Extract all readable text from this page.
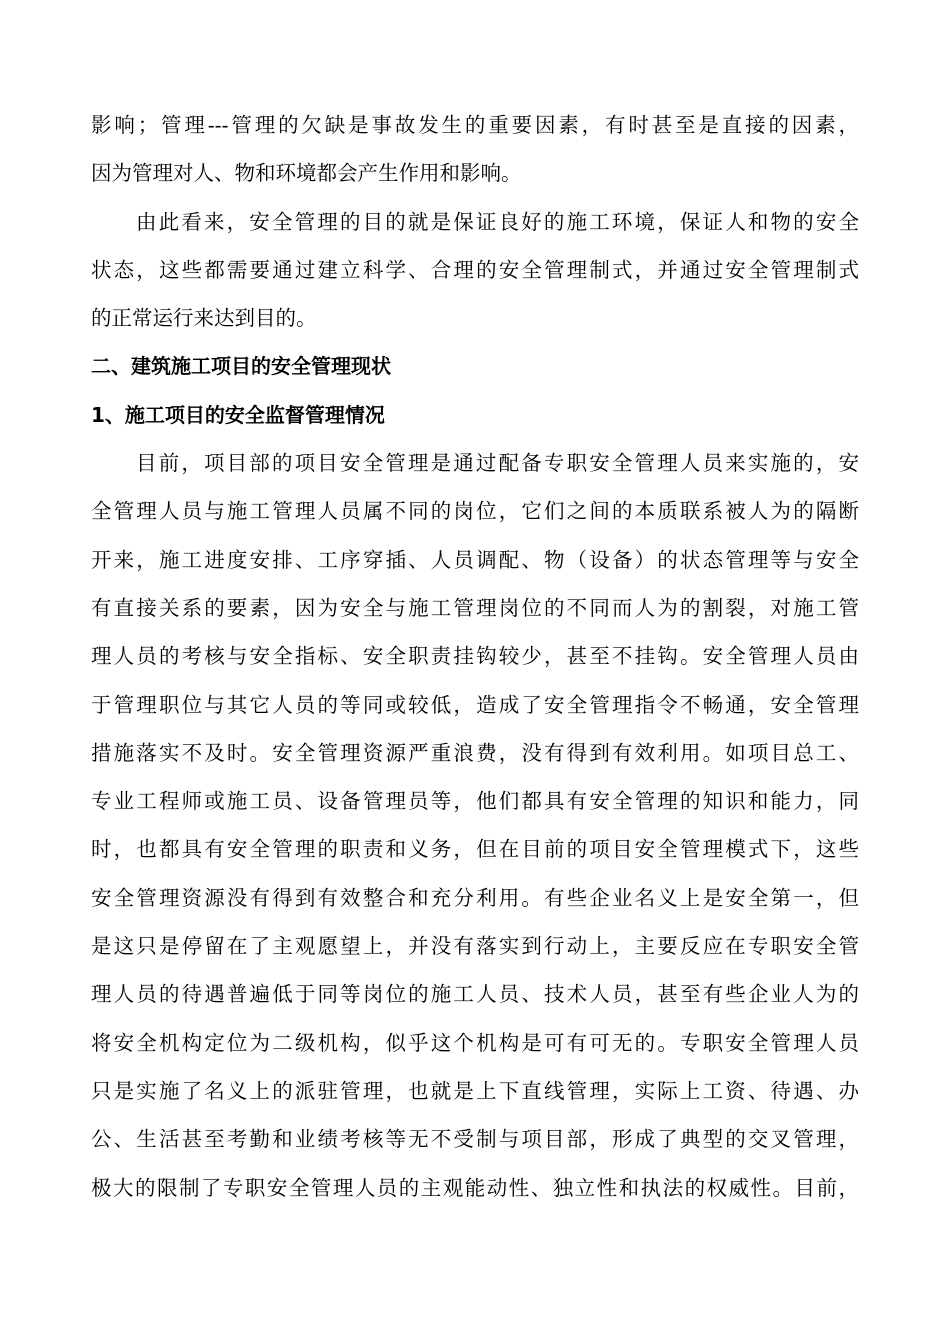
影响；管理---管理的欠缺是事故发生的重要因素，有时甚至是直接的因素，
因为管理对人、物和环境都会产生作用和影响。
由此看来，安全管理的目的就是保证良好的施工环境，保证人和物的安全
状态，这些都需要通过建立科学、合理的安全管理制式，并通过安全管理制式
的正常运行来达到目的。
二、建筑施工项目的安全管理现状
1、施工项目的安全监督管理情况
目前，项目部的项目安全管理是通过配备专职安全管理人员来实施的，安
全管理人员与施工管理人员属不同的岗位，它们之间的本质联系被人为的隔断
开来，施工进度安排、工序穿插、人员调配、物（设备）的状态管理等与安全
有直接关系的要素，因为安全与施工管理岗位的不同而人为的割裂，对施工管
理人员的考核与安全指标、安全职责挂钩较少，甚至不挂钩。安全管理人员由
于管理职位与其它人员的等同或较低，造成了安全管理指令不畅通，安全管理
措施落实不及时。安全管理资源严重浪费，没有得到有效利用。如项目总工、
专业工程师或施工员、设备管理员等，他们都具有安全管理的知识和能力，同
时，也都具有安全管理的职责和义务，但在目前的项目安全管理模式下，这些
安全管理资源没有得到有效整合和充分利用。有些企业名义上是安全第一，但
是这只是停留在了主观愿望上，并没有落实到行动上，主要反应在专职安全管
理人员的待遇普遍低于同等岗位的施工人员、技术人员，甚至有些企业人为的
将安全机构定位为二级机构，似乎这个机构是可有可无的。专职安全管理人员
只是实施了名义上的派驻管理，也就是上下直线管理，实际上工资、待遇、办
公、生活甚至考勤和业绩考核等无不受制与项目部，形成了典型的交叉管理，
极大的限制了专职安全管理人员的主观能动性、独立性和执法的权威性。目前，
